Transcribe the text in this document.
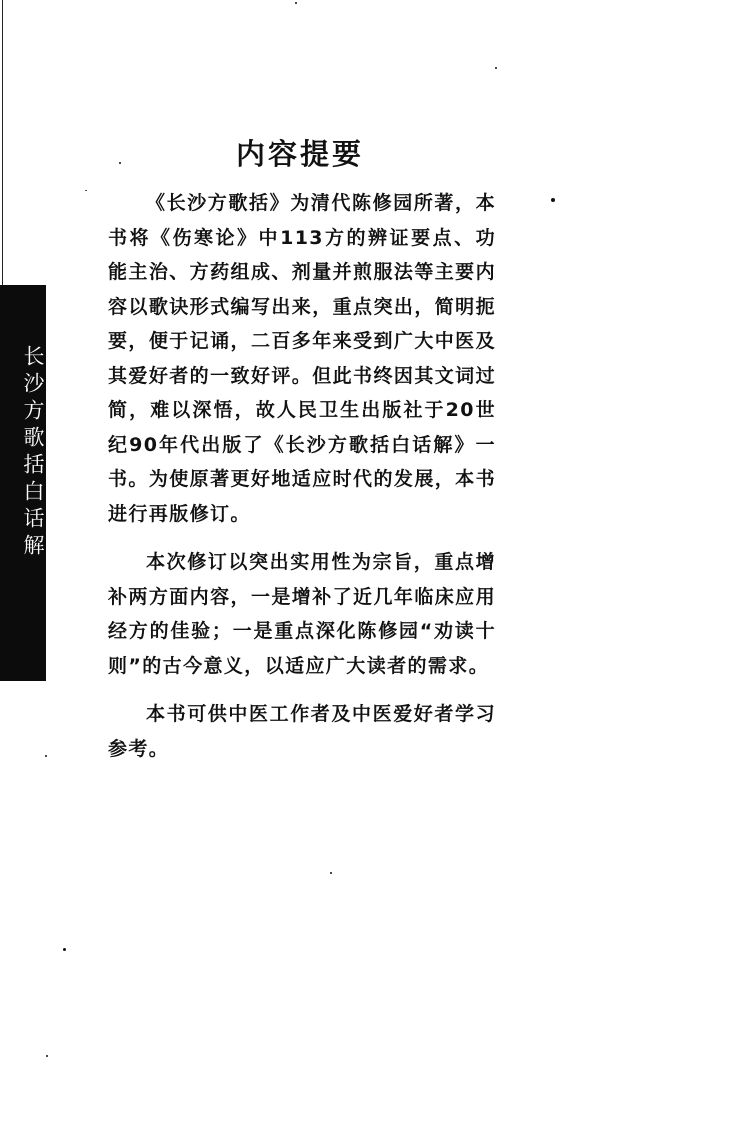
长沙方歌括白话解
内容提要

《长沙方歌括》为清代陈修园所著，本书将《伤寒论》中113方的辨证要点、功能主治、方药组成、剂量并煎服法等主要内容以歌诀形式编写出来，重点突出，简明扼要，便于记诵，二百多年来受到广大中医及其爱好者的一致好评。但此书终因其文词过简，难以深悟，故人民卫生出版社于20世纪90年代出版了《长沙方歌括白话解》一书。为使原著更好地适应时代的发展，本书进行再版修订。

本次修订以突出实用性为宗旨，重点增补两方面内容，一是增补了近几年临床应用经方的佳验；一是重点深化陈修园“劝读十则”的古今意义，以适应广大读者的需求。

本书可供中医工作者及中医爱好者学习参考。
